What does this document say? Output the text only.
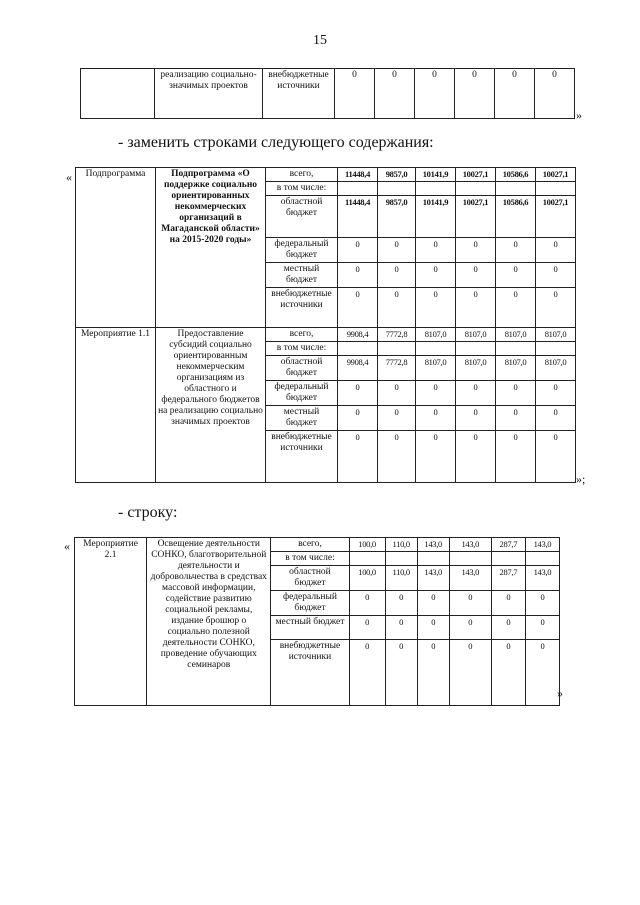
15
	реализацию социально- значимых проектов	внебюджетные источники	0	0	0	0	0	0
»
- заменить строками следующего содержания:
« Подпрограмма	Подпрограмма «О поддержке социально ориентированных некоммерческих организаций в Магаданской области» на 2015-2020 годы»	всего,	11448,4	9857,0	10141,9	10027,1	10586,6	10027,1
		в том числе:						
		областной бюджет	11448,4	9857,0	10141,9	10027,1	10586,6	10027,1
		федеральный бюджет	0	0	0	0	0	0
		местный бюджет	0	0	0	0	0	0
		внебюджетные источники	0	0	0	0	0	0
Мероприятие 1.1	Предоставление субсидий социально ориентированным некоммерческим организациям из областного и федерального бюджетов на реализацию социально значимых проектов	всего,	9908,4	7772,8	8107,0	8107,0	8107,0	8107,0
		в том числе:						
		областной бюджет	9908,4	7772,8	8107,0	8107,0	8107,0	8107,0
		федеральный бюджет	0	0	0	0	0	0
		местный бюджет	0	0	0	0	0	0
		внебюджетные источники	0	0	0	0	0	0
»;
- строку:
« Мероприятие 2.1	Освещение деятельности СОНКО, благотворительной деятельности и добровольчества в средствах массовой информации, содействие развитию социальной рекламы, издание брошюр о социально полезной деятельности СОНКО, проведение обучающих семинаров	всего,	100,0	110,0	143,0	143,0	287,7	143,0
		в том числе:						
		областной бюджет	100,0	110,0	143,0	143,0	287,7	143,0
		федеральный бюджет	0	0	0	0	0	0
		местный бюджет	0	0	0	0	0	0
		внебюджетные источники	0	0	0	0	0	0
»
